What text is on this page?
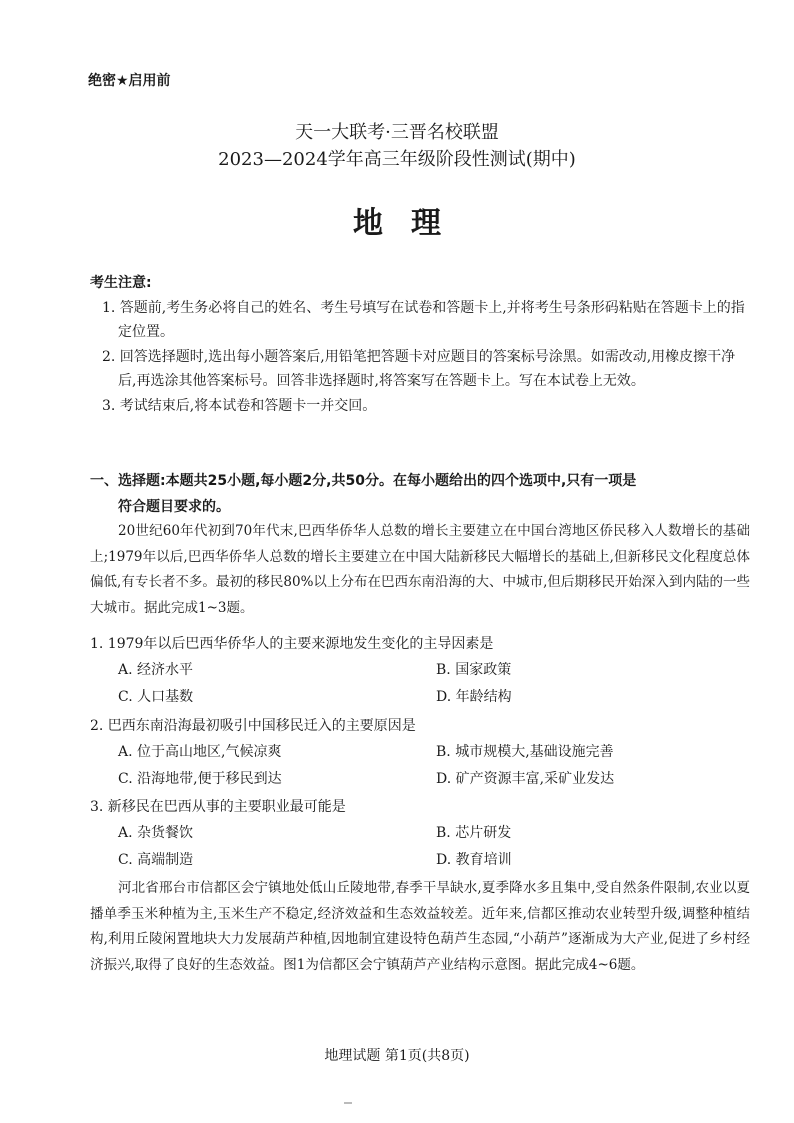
绝密★启用前
天一大联考·三晋名校联盟
2023—2024学年高三年级阶段性测试(期中)
地理
考生注意:
1. 答题前,考生务必将自己的姓名、考生号填写在试卷和答题卡上,并将考生号条形码粘贴在答题卡上的指定位置。
2. 回答选择题时,选出每小题答案后,用铅笔把答题卡对应题目的答案标号涂黑。如需改动,用橡皮擦干净后,再选涂其他答案标号。回答非选择题时,将答案写在答题卡上。写在本试卷上无效。
3. 考试结束后,将本试卷和答题卡一并交回。
一、选择题:本题共25小题,每小题2分,共50分。在每小题给出的四个选项中,只有一项是
符合题目要求的。
20世纪60年代初到70年代末,巴西华侨华人总数的增长主要建立在中国台湾地区侨民移入人数增长的基础上;1979年以后,巴西华侨华人总数的增长主要建立在中国大陆新移民大幅增长的基础上,但新移民文化程度总体偏低,有专长者不多。最初的移民80%以上分布在巴西东南沿海的大、中城市,但后期移民开始深入到内陆的一些大城市。据此完成1~3题。
1. 1979年以后巴西华侨华人的主要来源地发生变化的主导因素是
A. 经济水平	B. 国家政策
C. 人口基数	D. 年龄结构
2. 巴西东南沿海最初吸引中国移民迁入的主要原因是
A. 位于高山地区,气候凉爽	B. 城市规模大,基础设施完善
C. 沿海地带,便于移民到达	D. 矿产资源丰富,采矿业发达
3. 新移民在巴西从事的主要职业最可能是
A. 杂货餐饮	B. 芯片研发
C. 高端制造	D. 教育培训
河北省邢台市信都区会宁镇地处低山丘陵地带,春季干旱缺水,夏季降水多且集中,受自然条件限制,农业以夏播单季玉米种植为主,玉米生产不稳定,经济效益和生态效益较差。近年来,信都区推动农业转型升级,调整种植结构,利用丘陵闲置地块大力发展葫芦种植,因地制宜建设特色葫芦生态园,“小葫芦”逐渐成为大产业,促进了乡村经济振兴,取得了良好的生态效益。图1为信都区会宁镇葫芦产业结构示意图。据此完成4~6题。
地理试题 第1页(共8页)
